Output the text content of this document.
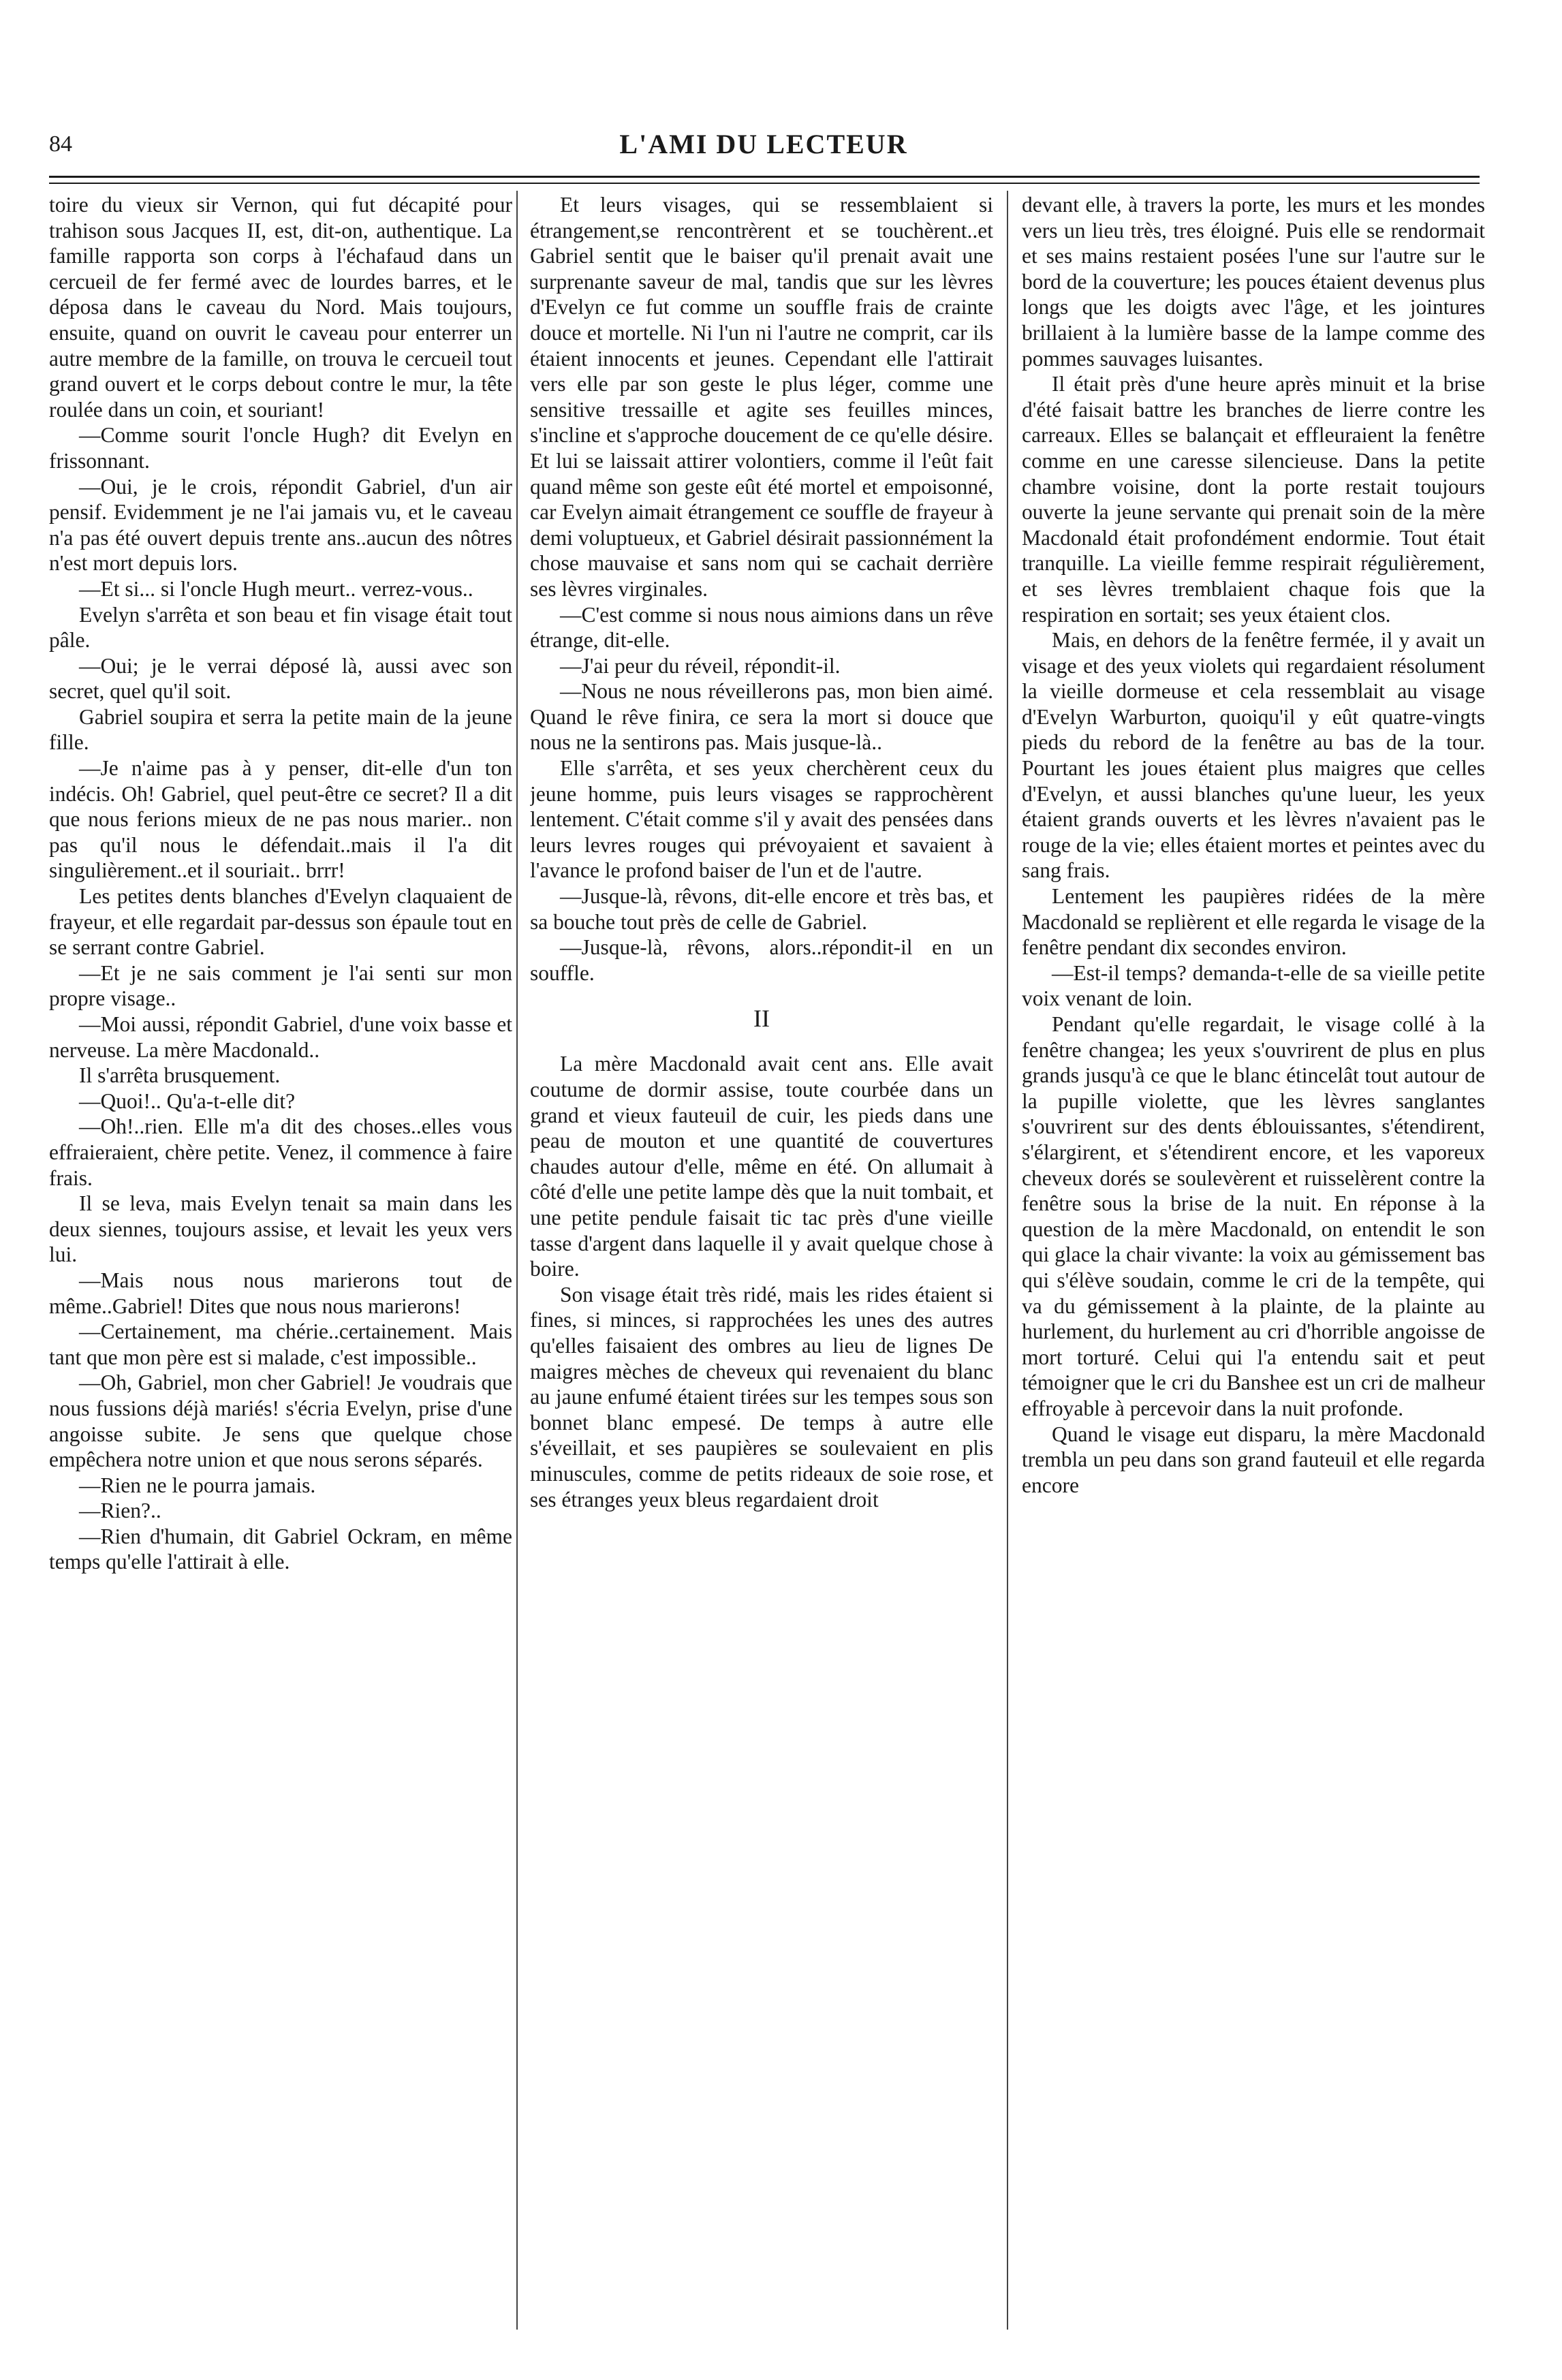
84	L'AMI DU LECTEUR

toire du vieux sir Vernon, qui fut décapité pour trahison sous Jacques II, est, dit-on, authentique. La famille rapporta son corps à l'échafaud dans un cercueil de fer fermé avec de lourdes barres, et le déposa dans le caveau du Nord. Mais toujours, ensuite, quand on ouvrit le caveau pour enterrer un autre membre de la famille, on trouva le cercueil tout grand ouvert et le corps debout contre le mur, la tête roulée dans un coin, et souriant!

—Comme sourit l'oncle Hugh? dit Evelyn en frissonnant.

—Oui, je le crois, répondit Gabriel, d'un air pensif. Evidemment je ne l'ai jamais vu, et le caveau n'a pas été ouvert depuis trente ans..aucun des nôtres n'est mort depuis lors.

—Et si... si l'oncle Hugh meurt.. verrez-vous..

Evelyn s'arrêta et son beau et fin visage était tout pâle.

—Oui; je le verrai déposé là, aussi avec son secret, quel qu'il soit.

Gabriel soupira et serra la petite main de la jeune fille.

—Je n'aime pas à y penser, dit-elle d'un ton indécis. Oh! Gabriel, quel peut-être ce secret? Il a dit que nous ferions mieux de ne pas nous marier.. non pas qu'il nous le défendait..mais il l'a dit singulièrement..et il souriait.. brrr!

Les petites dents blanches d'Evelyn claquaient de frayeur, et elle regardait par-dessus son épaule tout en se serrant contre Gabriel.

—Et je ne sais comment je l'ai senti sur mon propre visage..

—Moi aussi, répondit Gabriel, d'une voix basse et nerveuse. La mère Macdonald..

Il s'arrêta brusquement.

—Quoi!.. Qu'a-t-elle dit?

—Oh!..rien. Elle m'a dit des choses..elles vous effraieraient, chère petite. Venez, il commence à faire frais.

Il se leva, mais Evelyn tenait sa main dans les deux siennes, toujours assise, et levait les yeux vers lui.

—Mais nous nous marierons tout de même..Gabriel! Dites que nous nous marierons!

—Certainement, ma chérie..certainement. Mais tant que mon père est si malade, c'est impossible..

—Oh, Gabriel, mon cher Gabriel! Je voudrais que nous fussions déjà mariés! s'écria Evelyn, prise d'une angoisse subite. Je sens que quelque chose empêchera notre union et que nous serons séparés.

—Rien ne le pourra jamais.

—Rien?..

—Rien d'humain, dit Gabriel Ockram, en même temps qu'elle l'attirait à elle.

Et leurs visages, qui se ressemblaient si étrangement,se rencontrèrent et se touchèrent..et Gabriel sentit que le baiser qu'il prenait avait une surprenante saveur de mal, tandis que sur les lèvres d'Evelyn ce fut comme un souffle frais de crainte douce et mortelle. Ni l'un ni l'autre ne comprit, car ils étaient innocents et jeunes. Cependant elle l'attirait vers elle par son geste le plus léger, comme une sensitive tressaille et agite ses feuilles minces, s'incline et s'approche doucement de ce qu'elle désire. Et lui se laissait attirer volontiers, comme il l'eût fait quand même son geste eût été mortel et empoisonné, car Evelyn aimait étrangement ce souffle de frayeur à demi voluptueux, et Gabriel désirait passionnément la chose mauvaise et sans nom qui se cachait derrière ses lèvres virginales.

—C'est comme si nous nous aimions dans un rêve étrange, dit-elle.

—J'ai peur du réveil, répondit-il.

—Nous ne nous réveillerons pas, mon bien aimé. Quand le rêve finira, ce sera la mort si douce que nous ne la sentirons pas. Mais jusque-là..

Elle s'arrêta, et ses yeux cherchèrent ceux du jeune homme, puis leurs visages se rapprochèrent lentement. C'était comme s'il y avait des pensées dans leurs levres rouges qui prévoyaient et savaient à l'avance le profond baiser de l'un et de l'autre.

—Jusque-là, rêvons, dit-elle encore et très bas, et sa bouche tout près de celle de Gabriel.

—Jusque-là, rêvons, alors..répondit-il en un souffle.

II

La mère Macdonald avait cent ans. Elle avait coutume de dormir assise, toute courbée dans un grand et vieux fauteuil de cuir, les pieds dans une peau de mouton et une quantité de couvertures chaudes autour d'elle, même en été. On allumait à côté d'elle une petite lampe dès que la nuit tombait, et une petite pendule faisait tic tac près d'une vieille tasse d'argent dans laquelle il y avait quelque chose à boire.

Son visage était très ridé, mais les rides étaient si fines, si minces, si rapprochées les unes des autres qu'elles faisaient des ombres au lieu de lignes De maigres mèches de cheveux qui revenaient du blanc au jaune enfumé étaient tirées sur les tempes sous son bonnet blanc empesé. De temps à autre elle s'éveillait, et ses paupières se soulevaient en plis minuscules, comme de petits rideaux de soie rose, et ses étranges yeux bleus regardaient droit

devant elle, à travers la porte, les murs et les mondes vers un lieu très, tres éloigné. Puis elle se rendormait et ses mains restaient posées l'une sur l'autre sur le bord de la couverture; les pouces étaient devenus plus longs que les doigts avec l'âge, et les jointures brillaient à la lumière basse de la lampe comme des pommes sauvages luisantes.

Il était près d'une heure après minuit et la brise d'été faisait battre les branches de lierre contre les carreaux. Elles se balançait et effleuraient la fenêtre comme en une caresse silencieuse. Dans la petite chambre voisine, dont la porte restait toujours ouverte la jeune servante qui prenait soin de la mère Macdonald était profondément endormie. Tout était tranquille. La vieille femme respirait régulièrement, et ses lèvres tremblaient chaque fois que la respiration en sortait; ses yeux étaient clos.

Mais, en dehors de la fenêtre fermée, il y avait un visage et des yeux violets qui regardaient résolument la vieille dormeuse et cela ressemblait au visage d'Evelyn Warburton, quoiqu'il y eût quatre-vingts pieds du rebord de la fenêtre au bas de la tour. Pourtant les joues étaient plus maigres que celles d'Evelyn, et aussi blanches qu'une lueur, les yeux étaient grands ouverts et les lèvres n'avaient pas le rouge de la vie; elles étaient mortes et peintes avec du sang frais.

Lentement les paupières ridées de la mère Macdonald se replièrent et elle regarda le visage de la fenêtre pendant dix secondes environ.

—Est-il temps? demanda-t-elle de sa vieille petite voix venant de loin.

Pendant qu'elle regardait, le visage collé à la fenêtre changea; les yeux s'ouvrirent de plus en plus grands jusqu'à ce que le blanc étincelât tout autour de la pupille violette, que les lèvres sanglantes s'ouvrirent sur des dents éblouissantes, s'étendirent, s'élargirent, et s'étendirent encore, et les vaporeux cheveux dorés se soulevèrent et ruisselèrent contre la fenêtre sous la brise de la nuit. En réponse à la question de la mère Macdonald, on entendit le son qui glace la chair vivante: la voix au gémissement bas qui s'élève soudain, comme le cri de la tempête, qui va du gémissement à la plainte, de la plainte au hurlement, du hurlement au cri d'horrible angoisse de mort torturé. Celui qui l'a entendu sait et peut témoigner que le cri du Banshee est un cri de malheur effroyable à percevoir dans la nuit profonde.

Quand le visage eut disparu, la mère Macdonald trembla un peu dans son grand fauteuil et elle regarda encore
